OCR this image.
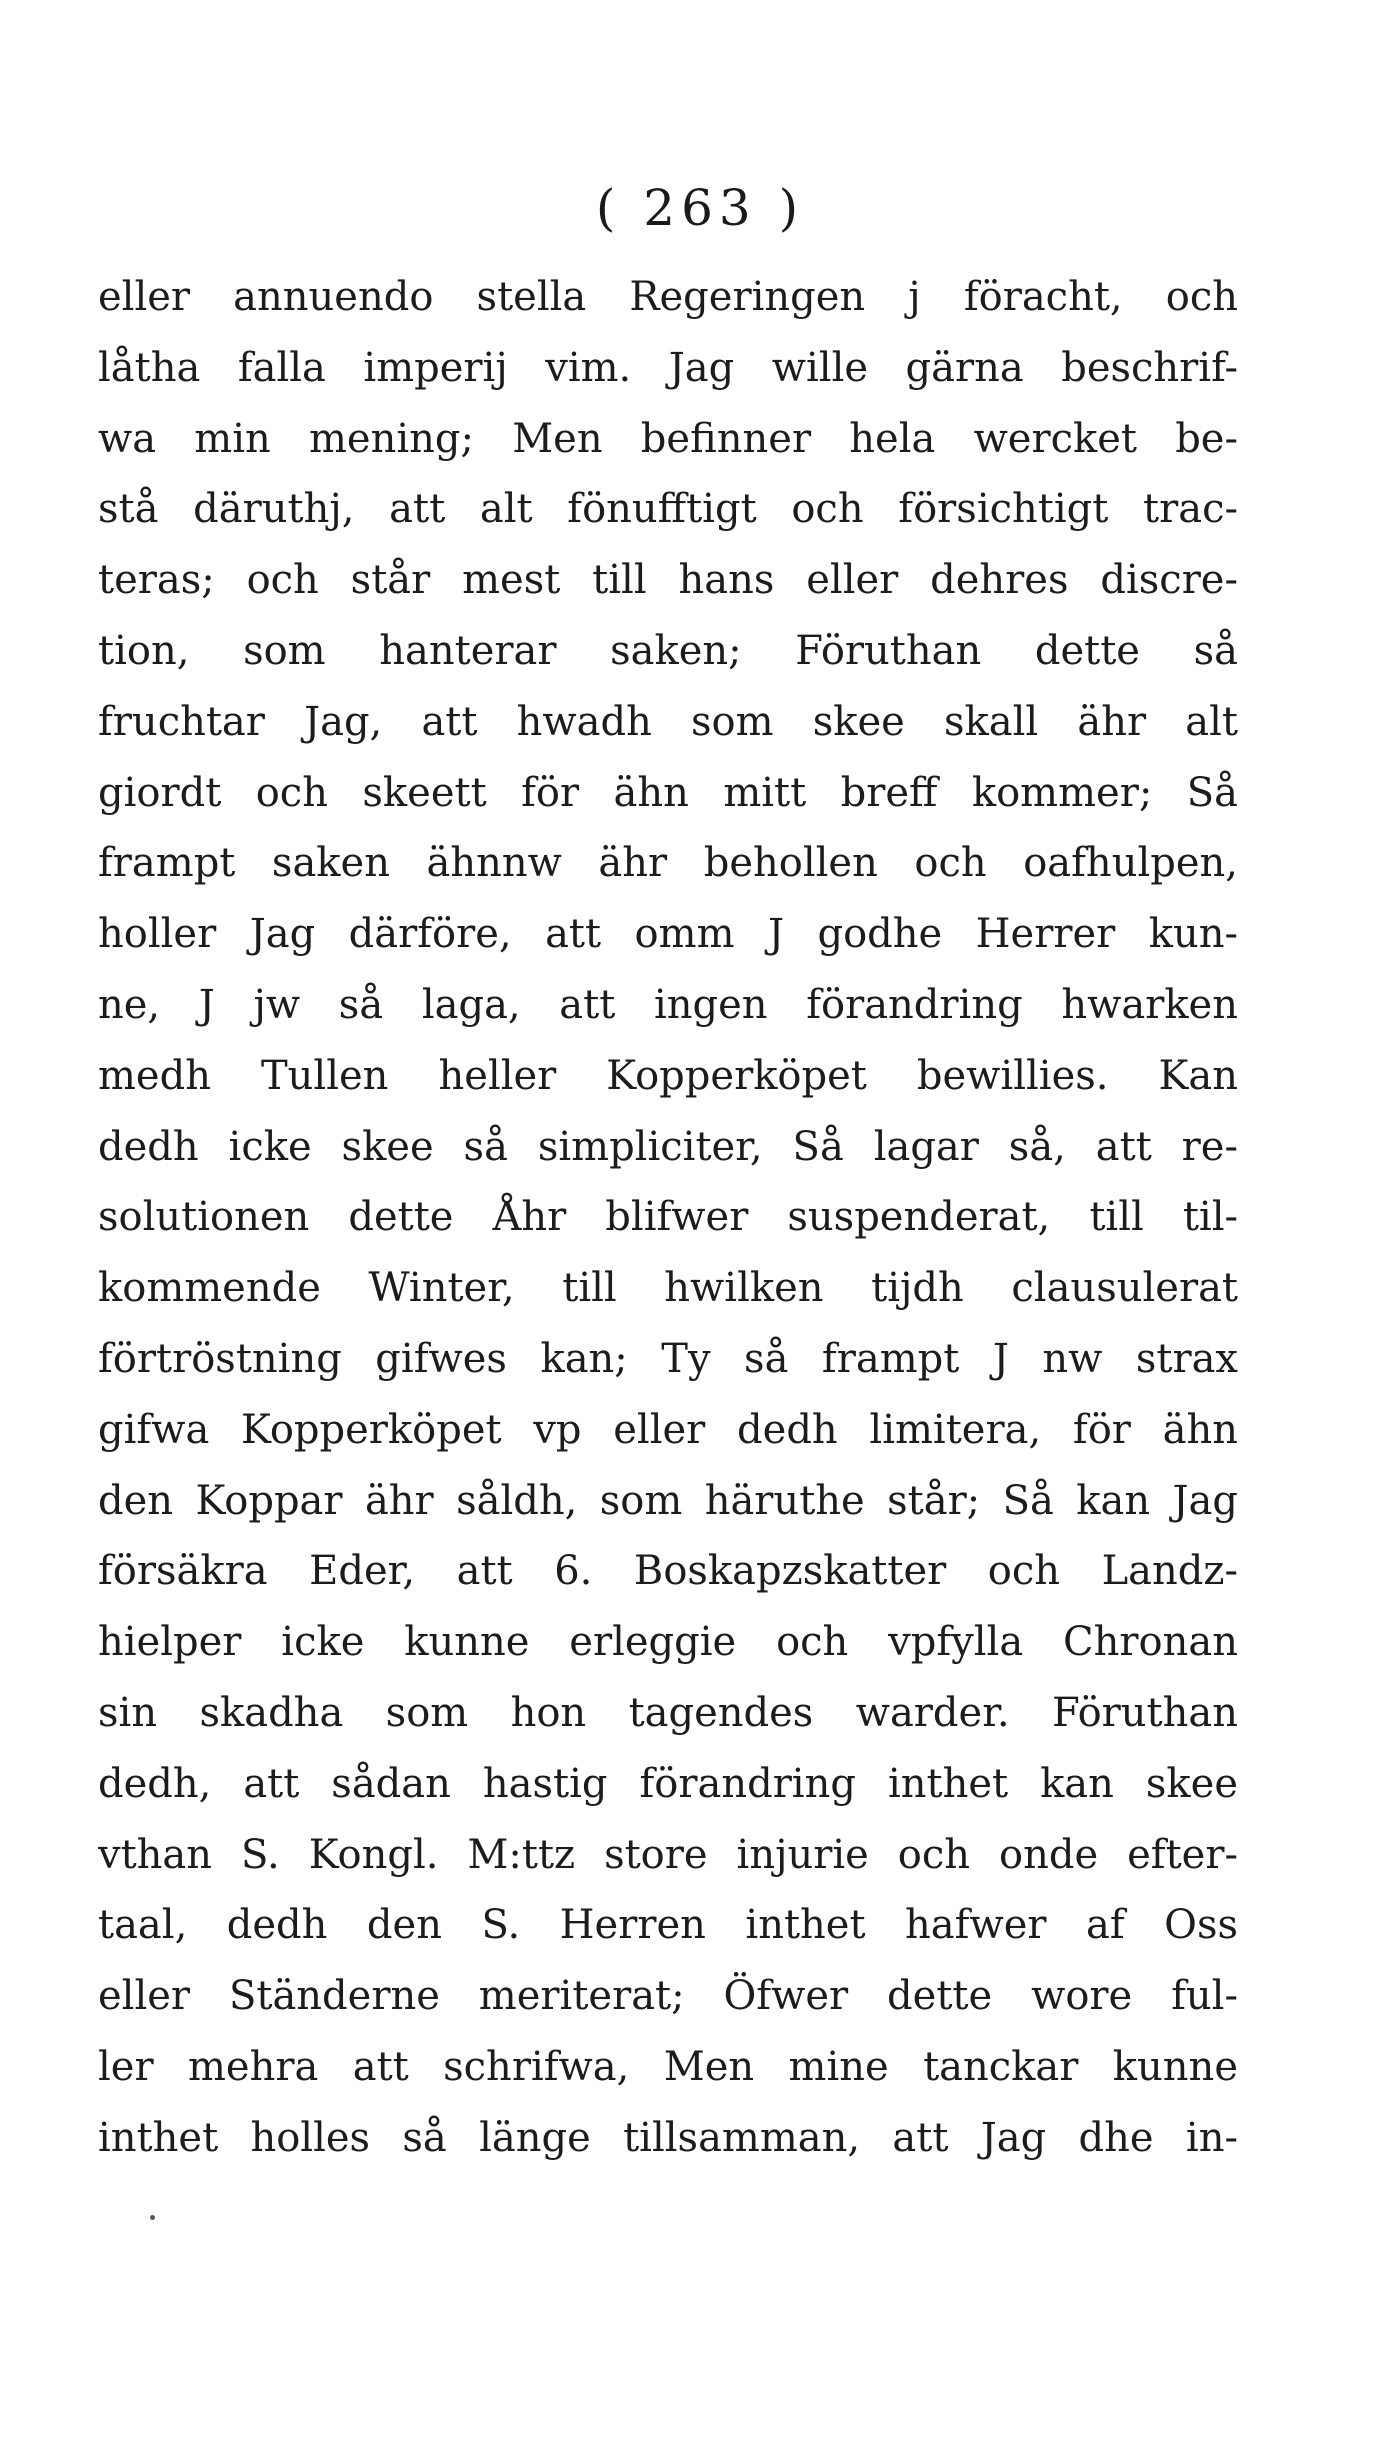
( 263 )
eller annuendo stella Regeringen j föracht, och
låtha falla imperij vim. Jag wille gärna beschrif-
wa min mening; Men befinner hela wercket be-
stå däruthj, att alt fönufftigt och försichtigt trac-
teras; och står mest till hans eller dehres discre-
tion, som hanterar saken; Föruthan dette så
fruchtar Jag, att hwadh som skee skall ähr alt
giordt och skeett för ähn mitt breff kommer; Så
frampt saken ähnnw ähr behollen och oafhulpen,
holler Jag därföre, att omm J godhe Herrer kun-
ne, J jw så laga, att ingen förandring hwarken
medh Tullen heller Kopperköpet bewillies. Kan
dedh icke skee så simpliciter, Så lagar så, att re-
solutionen dette Åhr blifwer suspenderat, till til-
kommende Winter, till hwilken tijdh clausulerat
förtröstning gifwes kan; Ty så frampt J nw strax
gifwa Kopperköpet vp eller dedh limitera, för ähn
den Koppar ähr såldh, som häruthe står; Så kan Jag
försäkra Eder, att 6. Boskapzskatter och Landz-
hielper icke kunne erleggie och vpfylla Chronan
sin skadha som hon tagendes warder. Föruthan
dedh, att sådan hastig förandring inthet kan skee
vthan S. Kongl. M:ttz store injurie och onde efter-
taal, dedh den S. Herren inthet hafwer af Oss
eller Ständerne meriterat; Öfwer dette wore ful-
ler mehra att schrifwa, Men mine tanckar kunne
inthet holles så länge tillsamman, att Jag dhe in-
